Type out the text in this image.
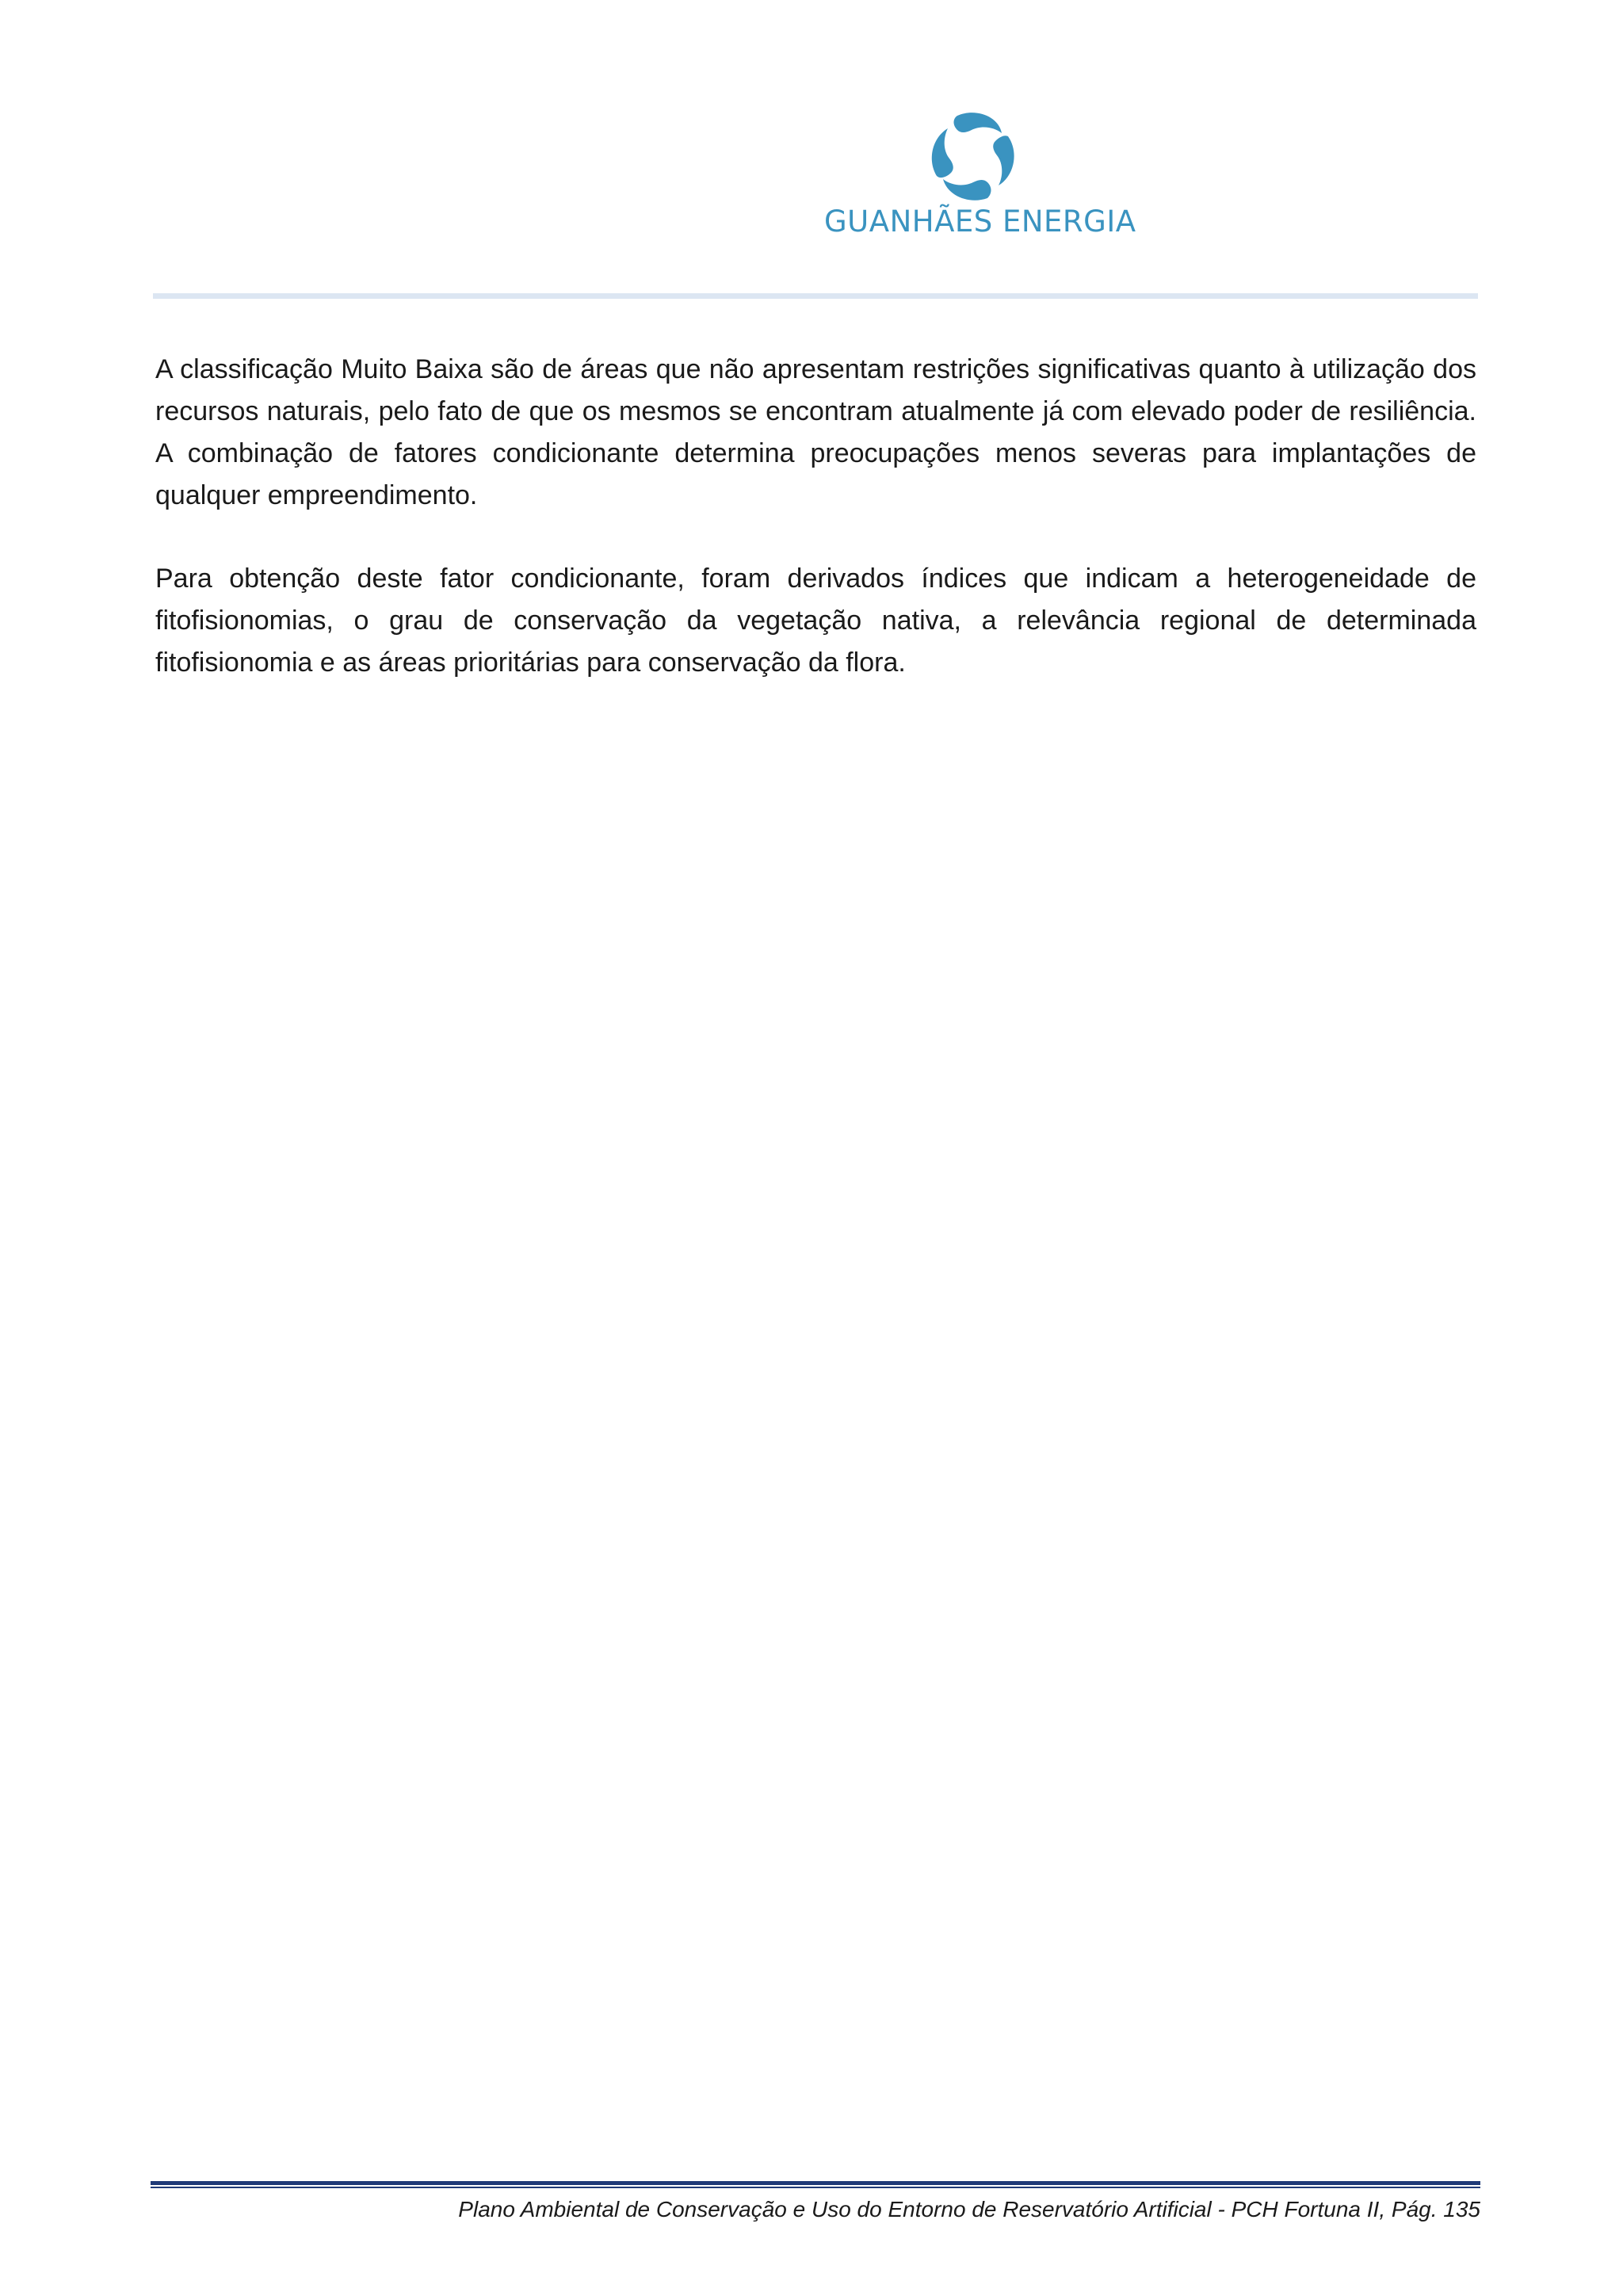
GUANHÃES ENERGIA

A classificação Muito Baixa são de áreas que não apresentam restrições significativas quanto à utilização dos recursos naturais, pelo fato de que os mesmos se encontram atualmente já com elevado poder de resiliência. A combinação de fatores condicionante determina preocupações menos severas para implantações de qualquer empreendimento.

Para obtenção deste fator condicionante, foram derivados índices que indicam a heterogeneidade de fitofisionomias, o grau de conservação da vegetação nativa, a relevância regional de determinada fitofisionomia e as áreas prioritárias para conservação da flora.

Plano Ambiental de Conservação e Uso do Entorno de Reservatório Artificial - PCH Fortuna II, Pág. 135
